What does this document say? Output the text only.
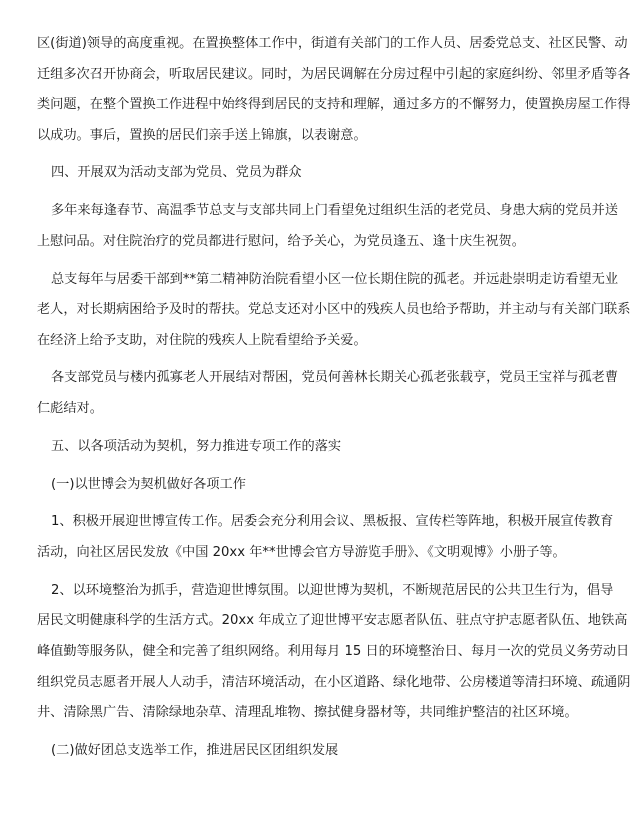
区(街道)领导的高度重视。在置换整体工作中，街道有关部门的工作人员、居委党总支、社区民警、动
迁组多次召开协商会，听取居民建议。同时，为居民调解在分房过程中引起的家庭纠纷、邻里矛盾等各
类问题，在整个置换工作进程中始终得到居民的支持和理解，通过多方的不懈努力，使置换房屋工作得
以成功。事后，置换的居民们亲手送上锦旗，以表谢意。
四、开展双为活动支部为党员、党员为群众
多年来每逢春节、高温季节总支与支部共同上门看望免过组织生活的老党员、身患大病的党员并送
上慰问品。对住院治疗的党员都进行慰问，给予关心，为党员逢五、逢十庆生祝贺。
总支每年与居委干部到**第二精神防治院看望小区一位长期住院的孤老。并远赴崇明走访看望无业
老人，对长期病困给予及时的帮扶。党总支还对小区中的残疾人员也给予帮助，并主动与有关部门联系
在经济上给予支助，对住院的残疾人上院看望给予关爱。
各支部党员与楼内孤寡老人开展结对帮困，党员何善林长期关心孤老张载亨，党员王宝祥与孤老曹
仁彪结对。
五、以各项活动为契机，努力推进专项工作的落实
(一)以世博会为契机做好各项工作
1、积极开展迎世博宣传工作。居委会充分利用会议、黑板报、宣传栏等阵地，积极开展宣传教育
活动，向社区居民发放《中国 20xx 年**世博会官方导游览手册》、《文明观博》小册子等。
2、以环境整治为抓手，营造迎世博氛围。以迎世博为契机，不断规范居民的公共卫生行为，倡导
居民文明健康科学的生活方式。20xx 年成立了迎世博平安志愿者队伍、驻点守护志愿者队伍、地铁高
峰值勤等服务队，健全和完善了组织网络。利用每月 15 日的环境整治日、每月一次的党员义务劳动日
组织党员志愿者开展人人动手，清洁环境活动，在小区道路、绿化地带、公房楼道等清扫环境、疏通阴
井、清除黑广告、清除绿地杂草、清理乱堆物、擦拭健身器材等，共同维护整洁的社区环境。
(二)做好团总支选举工作，推进居民区团组织发展
